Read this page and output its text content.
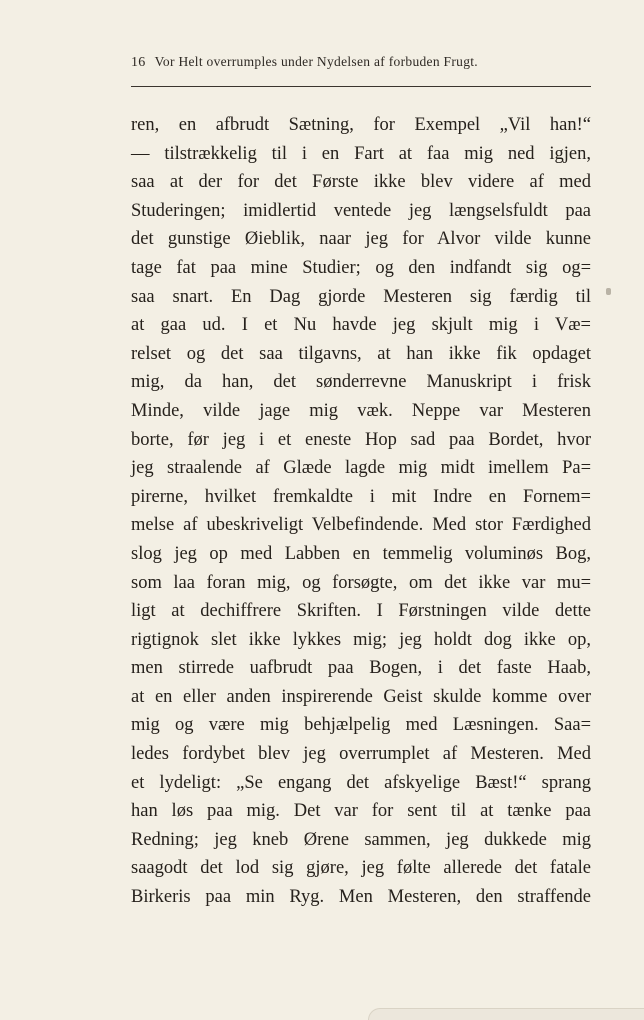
16 Vor Helt overrumples under Nydelsen af forbuden Frugt.
ren, en afbrudt Sætning, for Exempel „Vil han!“
— tilstrækkelig til i en Fart at faa mig ned igjen,
saa at der for det Første ikke blev videre af med
Studeringen; imidlertid ventede jeg længselsfuldt paa
det gunstige Øieblik, naar jeg for Alvor vilde kunne
tage fat paa mine Studier; og den indfandt sig og=
saa snart. En Dag gjorde Mesteren sig færdig til
at gaa ud. I et Nu havde jeg skjult mig i Væ=
relset og det saa tilgavns, at han ikke fik opdaget
mig, da han, det sønderrevne Manuskript i frisk
Minde, vilde jage mig væk. Neppe var Mesteren
borte, før jeg i et eneste Hop sad paa Bordet, hvor
jeg straalende af Glæde lagde mig midt imellem Pa=
pirerne, hvilket fremkaldte i mit Indre en Fornem=
melse af ubeskriveligt Velbefindende. Med stor Færdighed
slog jeg op med Labben en temmelig voluminøs Bog,
som laa foran mig, og forsøgte, om det ikke var mu=
ligt at dechiffrere Skriften. I Førstningen vilde dette
rigtignok slet ikke lykkes mig; jeg holdt dog ikke op,
men stirrede uafbrudt paa Bogen, i det faste Haab,
at en eller anden inspirerende Geist skulde komme over
mig og være mig behjælpelig med Læsningen. Saa=
ledes fordybet blev jeg overrumplet af Mesteren. Med
et lydeligt: „Se engang det afskyelige Bæst!“ sprang
han løs paa mig. Det var for sent til at tænke paa
Redning; jeg kneb Ørene sammen, jeg dukkede mig
saagodt det lod sig gjøre, jeg følte allerede det fatale
Birkeris paa min Ryg. Men Mesteren, den straffende
